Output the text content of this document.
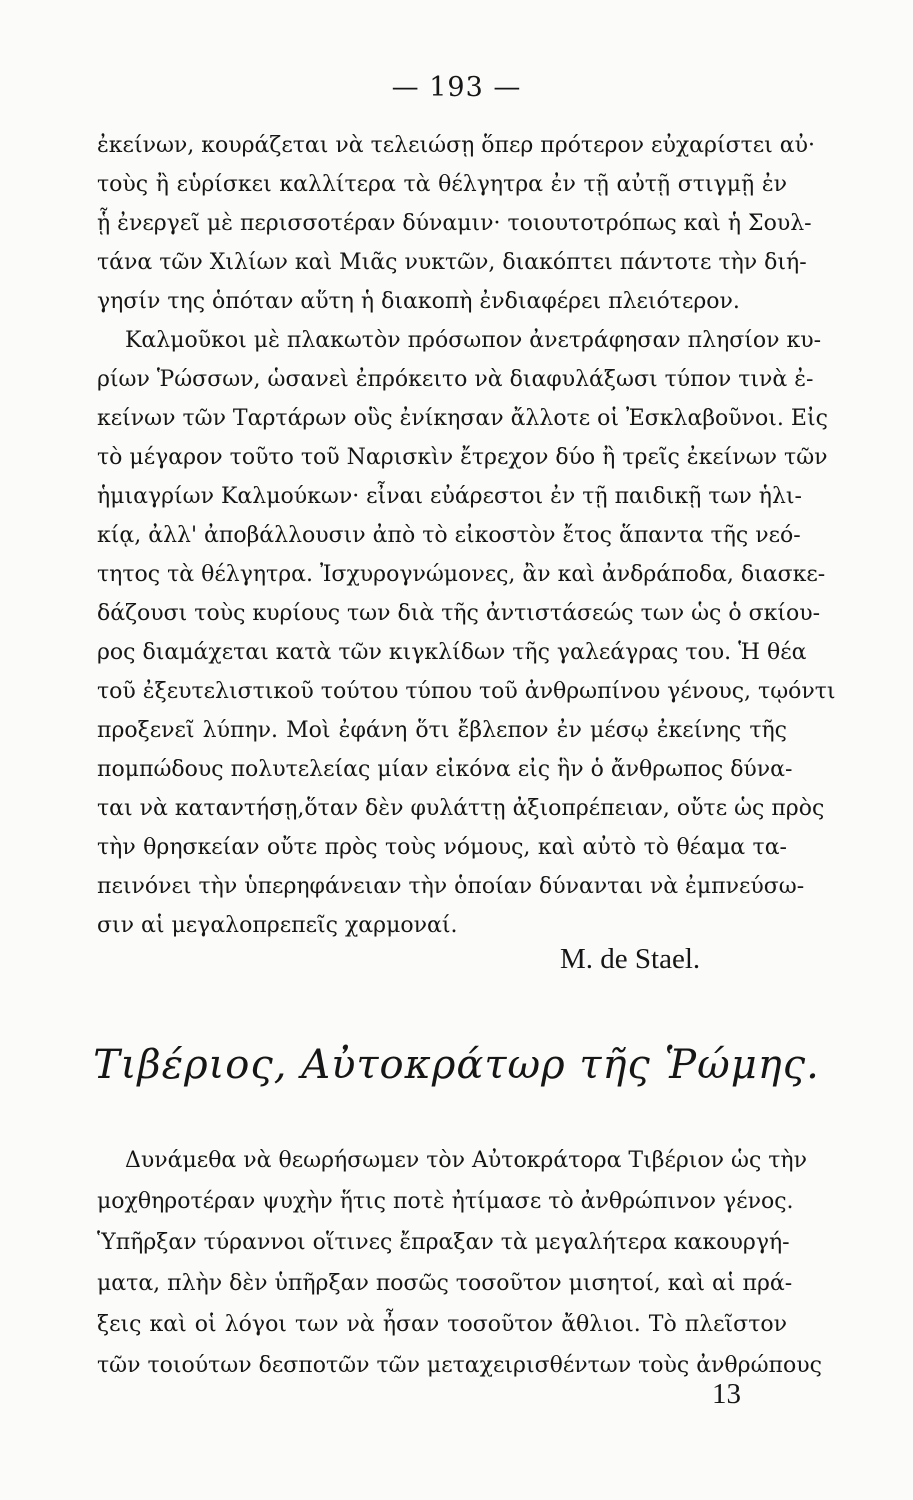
— 193 —
ἐκείνων, κουράζεται νὰ τελειώσῃ ὅπερ πρότερον εὐχαρίστει αὐ·
τοὺς ἢ εὑρίσκει καλλίτερα τὰ θέλγητρα ἐν τῇ αὐτῇ στιγμῇ ἐν
ᾗ ἐνεργεῖ μὲ περισσοτέραν δύναμιν· τοιουτοτρόπως καὶ ἡ Σουλ-
τάνα τῶν Χιλίων καὶ Μιᾶς νυκτῶν, διακόπτει πάντοτε τὴν διή-
γησίν της ὁπόταν αὕτη ἡ διακοπὴ ἐνδιαφέρει πλειότερον.
Καλμοῦκοι μὲ πλακωτὸν πρόσωπον ἀνετράφησαν πλησίον κυ-
ρίων Ῥώσσων, ὡσανεὶ ἐπρόκειτο νὰ διαφυλάξωσι τύπον τινὰ ἐ-
κείνων τῶν Ταρτάρων οὓς ἐνίκησαν ἄλλοτε οἱ Ἐσκλαβοῦνοι. Εἰς
τὸ μέγαρον τοῦτο τοῦ Ναρισκὶν ἔτρεχον δύο ἢ τρεῖς ἐκείνων τῶν
ἡμιαγρίων Καλμούκων· εἶναι εὐάρεστοι ἐν τῇ παιδικῇ των ἡλι-
κίᾳ, ἀλλ' ἀποβάλλουσιν ἀπὸ τὸ εἰκοστὸν ἔτος ἅπαντα τῆς νεό-
τητος τὰ θέλγητρα. Ἰσχυρογνώμονες, ἂν καὶ ἀνδράποδα, διασκε-
δάζουσι τοὺς κυρίους των διὰ τῆς ἀντιστάσεώς των ὡς ὁ σκίου-
ρος διαμάχεται κατὰ τῶν κιγκλίδων τῆς γαλεάγρας του. Ἡ θέα
τοῦ ἐξευτελιστικοῦ τούτου τύπου τοῦ ἀνθρωπίνου γένους, τῳόντι
προξενεῖ λύπην. Μοὶ ἐφάνη ὅτι ἔβλεπον ἐν μέσῳ ἐκείνης τῆς
πομπώδους πολυτελείας μίαν εἰκόνα εἰς ἣν ὁ ἄνθρωπος δύνα-
ται νὰ καταντήσῃ,ὅταν δὲν φυλάττῃ ἀξιοπρέπειαν, οὔτε ὡς πρὸς
τὴν θρησκείαν οὔτε πρὸς τοὺς νόμους, καὶ αὐτὸ τὸ θέαμα τα-
πεινόνει τὴν ὑπερηφάνειαν τὴν ὁποίαν δύνανται νὰ ἐμπνεύσω-
σιν αἱ μεγαλοπρεπεῖς χαρμοναί.
M. de Stael.
Τιβέριος, Αὐτοκράτωρ τῆς Ῥώμης.
Δυνάμεθα νὰ θεωρήσωμεν τὸν Αὐτοκράτορα Τιβέριον ὡς τὴν
μοχθηροτέραν ψυχὴν ἥτις ποτὲ ἠτίμασε τὸ ἀνθρώπινον γένος.
Ὑπῆρξαν τύραννοι οἵτινες ἔπραξαν τὰ μεγαλήτερα κακουργή-
ματα, πλὴν δὲν ὑπῆρξαν ποσῶς τοσοῦτον μισητοί, καὶ αἱ πρά-
ξεις καὶ οἱ λόγοι των νὰ ἦσαν τοσοῦτον ἄθλιοι. Τὸ πλεῖστον
τῶν τοιούτων δεσποτῶν τῶν μεταχειρισθέντων τοὺς ἀνθρώπους
13
